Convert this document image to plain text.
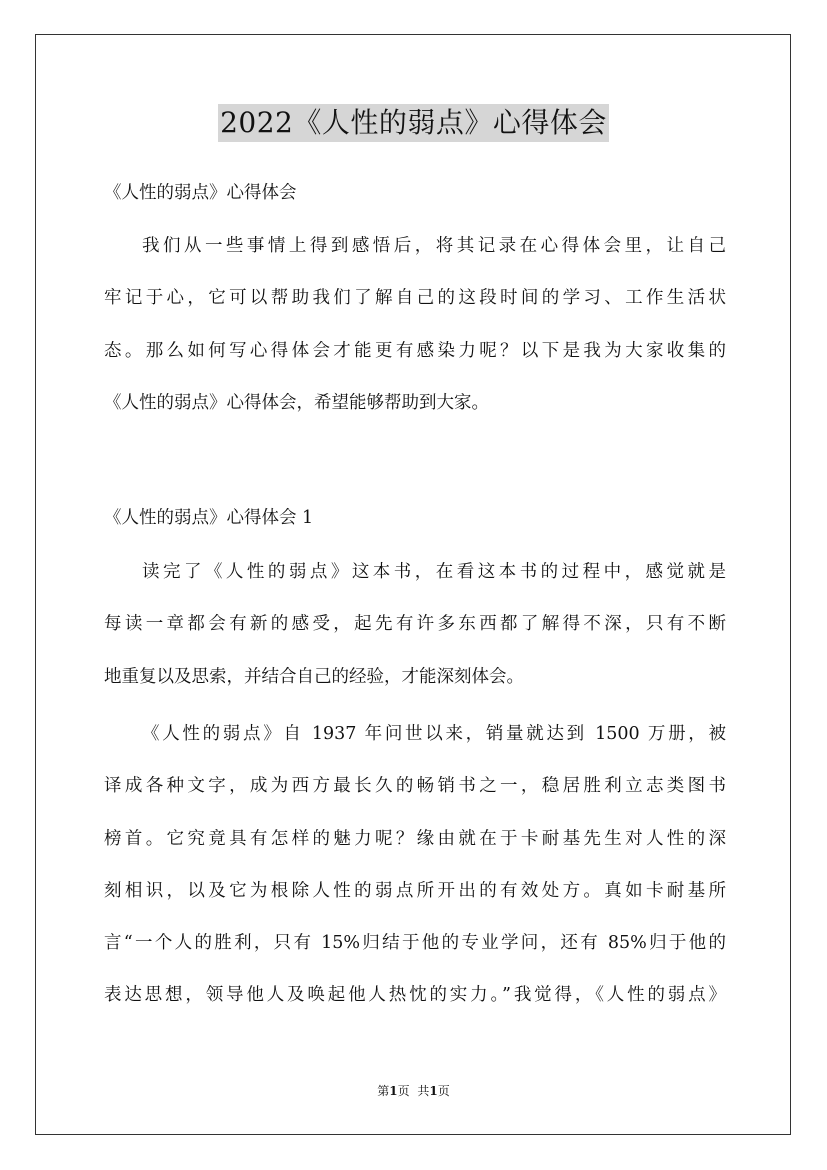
2022《人性的弱点》心得体会
《人性的弱点》心得体会
我们从一些事情上得到感悟后，将其记录在心得体会里，让自己
牢记于心，它可以帮助我们了解自己的这段时间的学习、工作生活状
态。那么如何写心得体会才能更有感染力呢？以下是我为大家收集的
《人性的弱点》心得体会，希望能够帮助到大家。
《人性的弱点》心得体会 1
读完了《人性的弱点》这本书，在看这本书的过程中，感觉就是
每读一章都会有新的感受，起先有许多东西都了解得不深，只有不断
地重复以及思索，并结合自己的经验，才能深刻体会。
《人性的弱点》自 1937 年问世以来，销量就达到 1500 万册，被
译成各种文字，成为西方最长久的畅销书之一，稳居胜利立志类图书
榜首。它究竟具有怎样的魅力呢？缘由就在于卡耐基先生对人性的深
刻相识，以及它为根除人性的弱点所开出的有效处方。真如卡耐基所
言“一个人的胜利，只有 15%归结于他的专业学问，还有 85%归于他的
表达思想，领导他人及唤起他人热忱的实力。”我觉得，《人性的弱点》
第1页 共1页
